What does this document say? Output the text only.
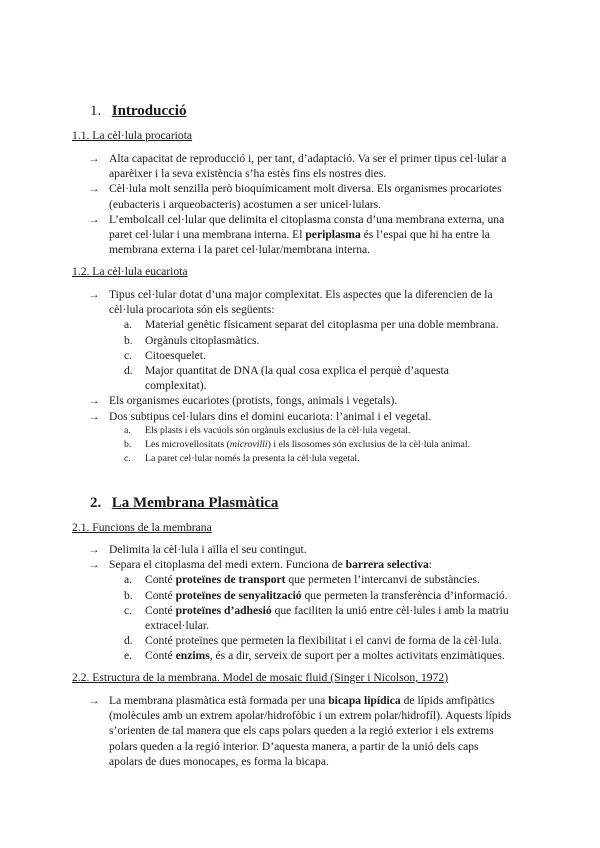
1. Introducció
1.1. La cèl·lula procariota
→ Alta capacitat de reproducció i, per tant, d’adaptació. Va ser el primer tipus cel·lular a aparèixer i la seva existència s’ha estès fins els nostres dies.
→ Cèl·lula molt senzilla però bioquímicament molt diversa. Els organismes procariotes (eubacteris i arqueobacteris) acostumen a ser unicel·lulars.
→ L’embolcall cel·lular que delimita el citoplasma consta d’una membrana externa, una paret cel·lular i una membrana interna. El periplasma és l’espai que hi ha entre la membrana externa i la paret cel·lular/membrana interna.
1.2. La cèl·lula eucariota
→ Tipus cel·lular dotat d’una major complexitat. Els aspectes que la diferencien de la cèl·lula procariota són els següents:
a. Material genètic físicament separat del citoplasma per una doble membrana.
b. Orgànuls citoplasmàtics.
c. Citoesquelet.
d. Major quantitat de DNA (la qual cosa explica el perquè d’aquesta complexitat).
→ Els organismes eucariotes (protists, fongs, animals i vegetals).
→ Dos subtipus cel·lulars dins el domini eucariota: l’animal i el vegetal.
a. Els plasts i els vacúols són orgànuls exclusius de la cèl·lula vegetal.
b. Les microvellositats (microvilli) i els lisosomes són exclusius de la cèl·lula animal.
c. La paret cel·lular només la presenta la cèl·lula vegetal.
2. La Membrana Plasmàtica
2.1. Funcions de la membrana
→ Delimita la cèl·lula i aïlla el seu contingut.
→ Separa el citoplasma del medi extern. Funciona de barrera selectiva:
a. Conté proteïnes de transport que permeten l’intercanvi de substàncies.
b. Conté proteïnes de senyalització que permeten la transferència d’informació.
c. Conté proteïnes d’adhesió que faciliten la unió entre cèl·lules i amb la matriu extracel·lular.
d. Conté proteïnes que permeten la flexibilitat i el canvi de forma de la cèl·lula.
e. Conté enzims, és a dir, serveix de suport per a moltes activitats enzimàtiques.
2.2. Estructura de la membrana. Model de mosaic fluid (Singer i Nicolson, 1972)
→ La membrana plasmàtica està formada per una bicapa lipídica de lípids amfipàtics (molècules amb un extrem apolar/hidrofòbic i un extrem polar/hidrofíl). Aquests lípids s’orienten de tal manera que els caps polars queden a la regió exterior i els extrems polars queden a la regió interior. D’aquesta manera, a partir de la unió dels caps apolars de dues monocapes, es forma la bicapa.
